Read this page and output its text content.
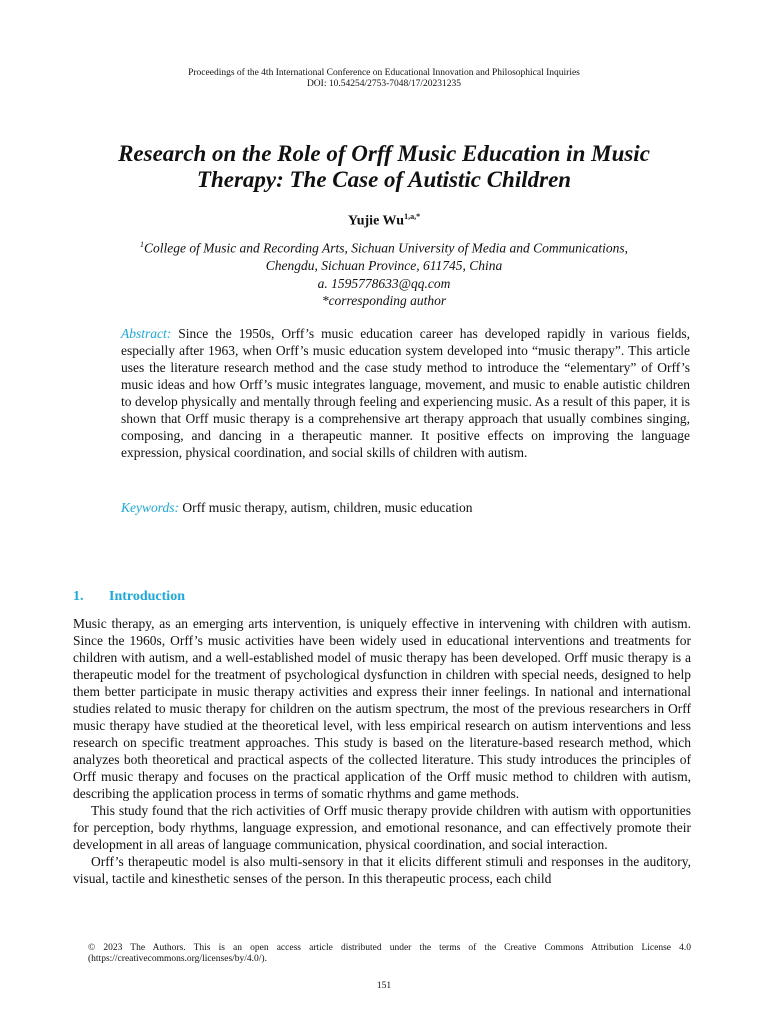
Proceedings of the 4th International Conference on Educational Innovation and Philosophical Inquiries
DOI: 10.54254/2753-7048/17/20231235
Research on the Role of Orff Music Education in Music
Therapy: The Case of Autistic Children
Yujie $Wu^{1,a,*}$
$^1$College of Music and Recording Arts, Sichuan University of Media and Communications,
Chengdu, Sichuan Province, 611745, China
a. 1595778633@qq.com
*corresponding author
Abstract: Since the 1950s, Orff’s music education career has developed rapidly in various fields, especially after 1963, when Orff’s music education system developed into “music therapy”. This article uses the literature research method and the case study method to introduce the “elementary” of Orff’s music ideas and how Orff’s music integrates language, movement, and music to enable autistic children to develop physically and mentally through feeling and experiencing music. As a result of this paper, it is shown that Orff music therapy is a comprehensive art therapy approach that usually combines singing, composing, and dancing in a therapeutic manner. It positive effects on improving the language expression, physical coordination, and social skills of children with autism.
Keywords: Orff music therapy, autism, children, music education
1. Introduction

Music therapy, as an emerging arts intervention, is uniquely effective in intervening with children with autism. Since the 1960s, Orff’s music activities have been widely used in educational interventions and treatments for children with autism, and a well-established model of music therapy has been developed. Orff music therapy is a therapeutic model for the treatment of psychological dysfunction in children with special needs, designed to help them better participate in music therapy activities and express their inner feelings. In national and international studies related to music therapy for children on the autism spectrum, the most of the previous researchers in Orff music therapy have studied at the theoretical level, with less empirical research on autism interventions and less research on specific treatment approaches. This study is based on the literature-based research method, which analyzes both theoretical and practical aspects of the collected literature. This study introduces the principles of Orff music therapy and focuses on the practical application of the Orff music method to children with autism, describing the application process in terms of somatic rhythms and game methods.

This study found that the rich activities of Orff music therapy provide children with autism with opportunities for perception, body rhythms, language expression, and emotional resonance, and can effectively promote their development in all areas of language communication, physical coordination, and social interaction.

Orff’s therapeutic model is also multi-sensory in that it elicits different stimuli and responses in the auditory, visual, tactile and kinesthetic senses of the person. In this therapeutic process, each child

© 2023 The Authors. This is an open access article distributed under the terms of the Creative Commons Attribution License 4.0 (https://creativecommons.org/licenses/by/4.0/).
151
